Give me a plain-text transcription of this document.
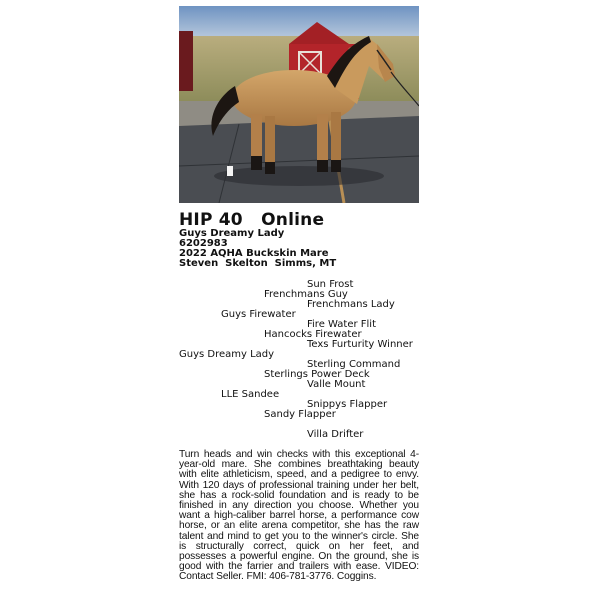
HIP 40 Online
Guys Dreamy Lady
6202983
2022 AQHA Buckskin Mare
Steven  Skelton  Simms, MT
Sun Frost
Frenchmans Guy
Frenchmans Lady
Guys Firewater
Fire Water Flit
Hancocks Firewater
Texs Furturity Winner
Guys Dreamy Lady
Sterling Command
Sterlings Power Deck
Valle Mount
LLE Sandee
Snippys Flapper
Sandy Flapper
Villa Drifter
Turn heads and win checks with this exceptional 4-year-old mare. She combines breathtaking beauty with elite athleticism, speed, and a pedigree to envy. With 120 days of professional training under her belt, she has a rock-solid foundation and is ready to be finished in any direction you choose. Whether you want a high-caliber barrel horse, a performance cow horse, or an elite arena competitor, she has the raw talent and mind to get you to the winner's circle. She is structurally correct, quick on her feet, and possesses a powerful engine. On the ground, she is good with the farrier and trailers with ease. VIDEO: Contact Seller. FMI: 406-781-3776. Coggins.
